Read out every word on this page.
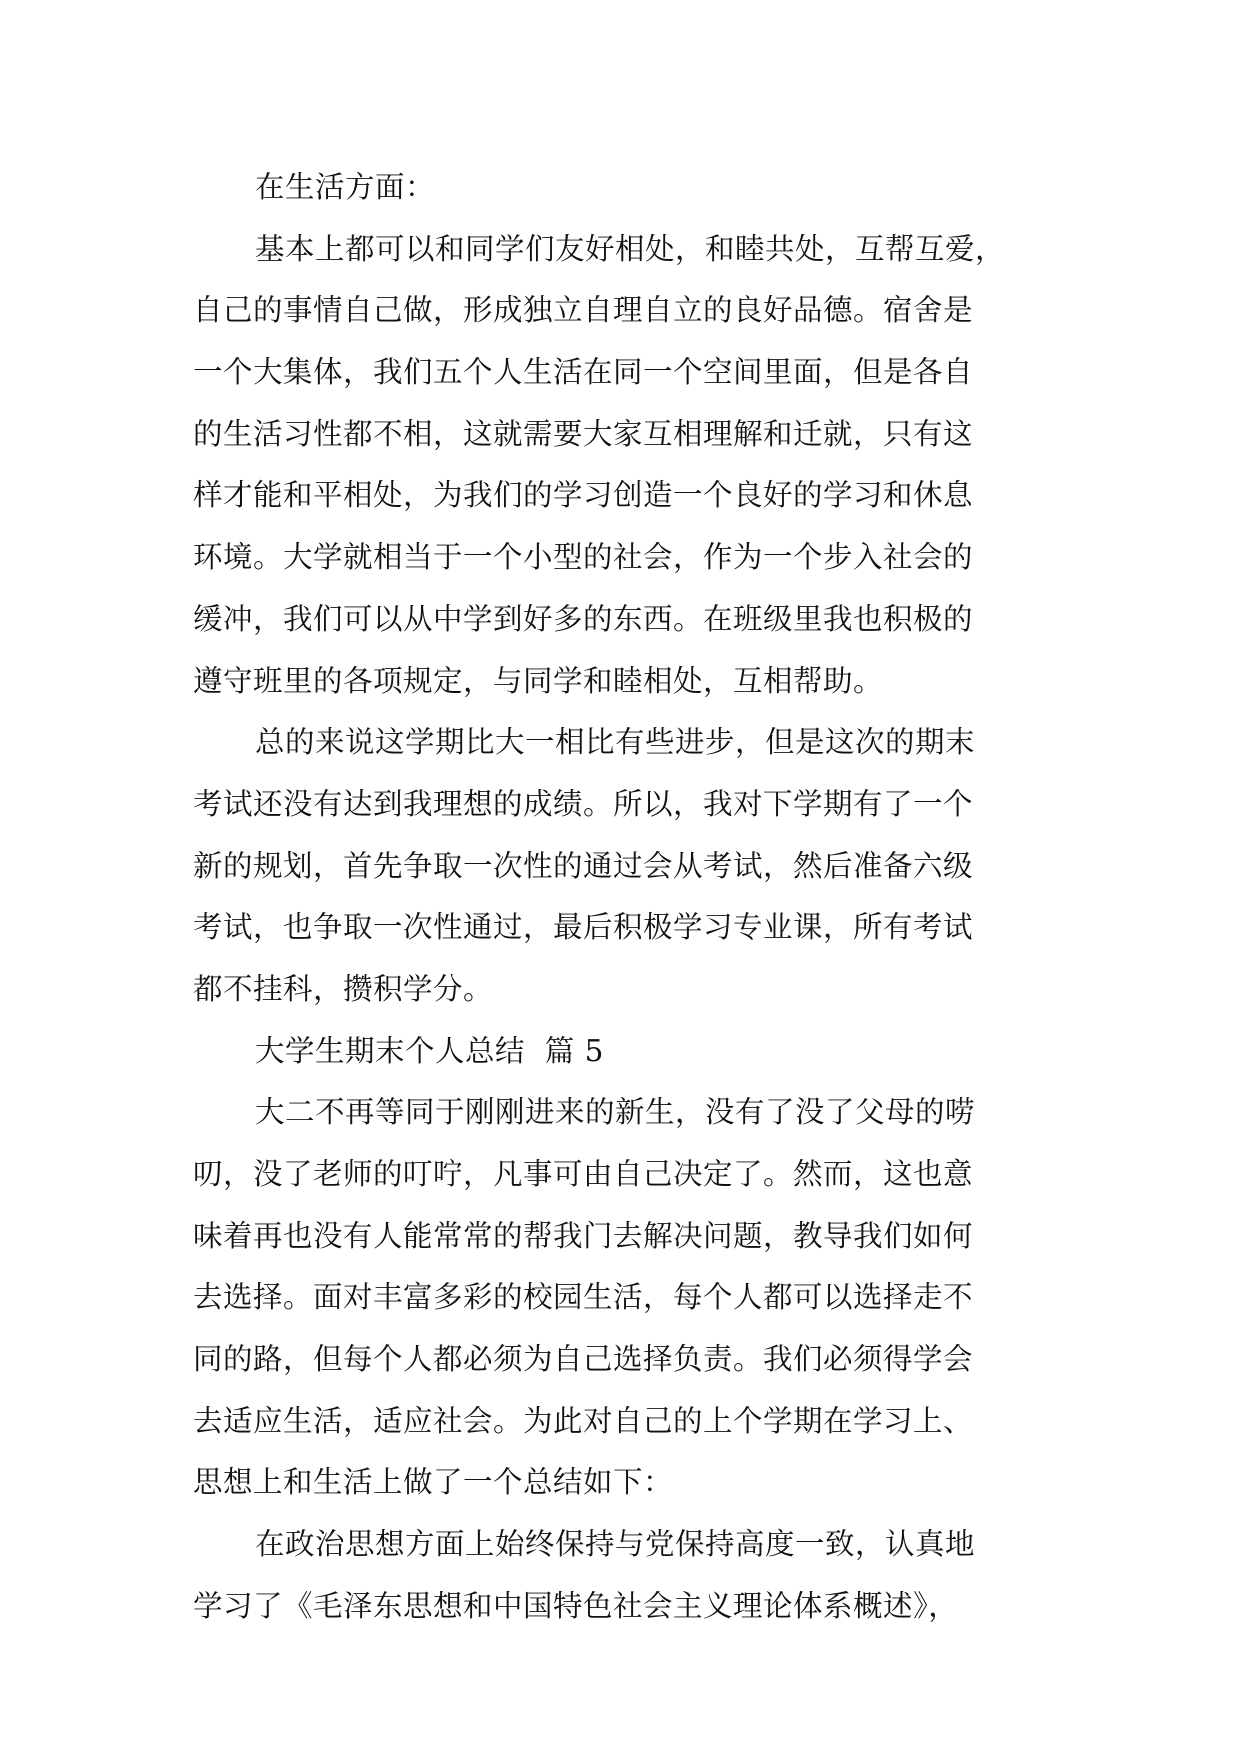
在生活方面：
基本上都可以和同学们友好相处，和睦共处，互帮互爱，
自己的事情自己做，形成独立自理自立的良好品德。宿舍是
一个大集体，我们五个人生活在同一个空间里面，但是各自
的生活习性都不相，这就需要大家互相理解和迁就，只有这
样才能和平相处，为我们的学习创造一个良好的学习和休息
环境。大学就相当于一个小型的社会，作为一个步入社会的
缓冲，我们可以从中学到好多的东西。在班级里我也积极的
遵守班里的各项规定，与同学和睦相处，互相帮助。
总的来说这学期比大一相比有些进步，但是这次的期末
考试还没有达到我理想的成绩。所以，我对下学期有了一个
新的规划，首先争取一次性的通过会从考试，然后准备六级
考试，也争取一次性通过，最后积极学习专业课，所有考试
都不挂科，攒积学分。
大学生期末个人总结  篇 5
大二不再等同于刚刚进来的新生，没有了没了父母的唠
叨，没了老师的叮咛，凡事可由自己决定了。然而，这也意
味着再也没有人能常常的帮我门去解决问题，教导我们如何
去选择。面对丰富多彩的校园生活，每个人都可以选择走不
同的路，但每个人都必须为自己选择负责。我们必须得学会
去适应生活，适应社会。为此对自己的上个学期在学习上、
思想上和生活上做了一个总结如下：
在政治思想方面上始终保持与党保持高度一致，认真地
学习了《毛泽东思想和中国特色社会主义理论体系概述》，
